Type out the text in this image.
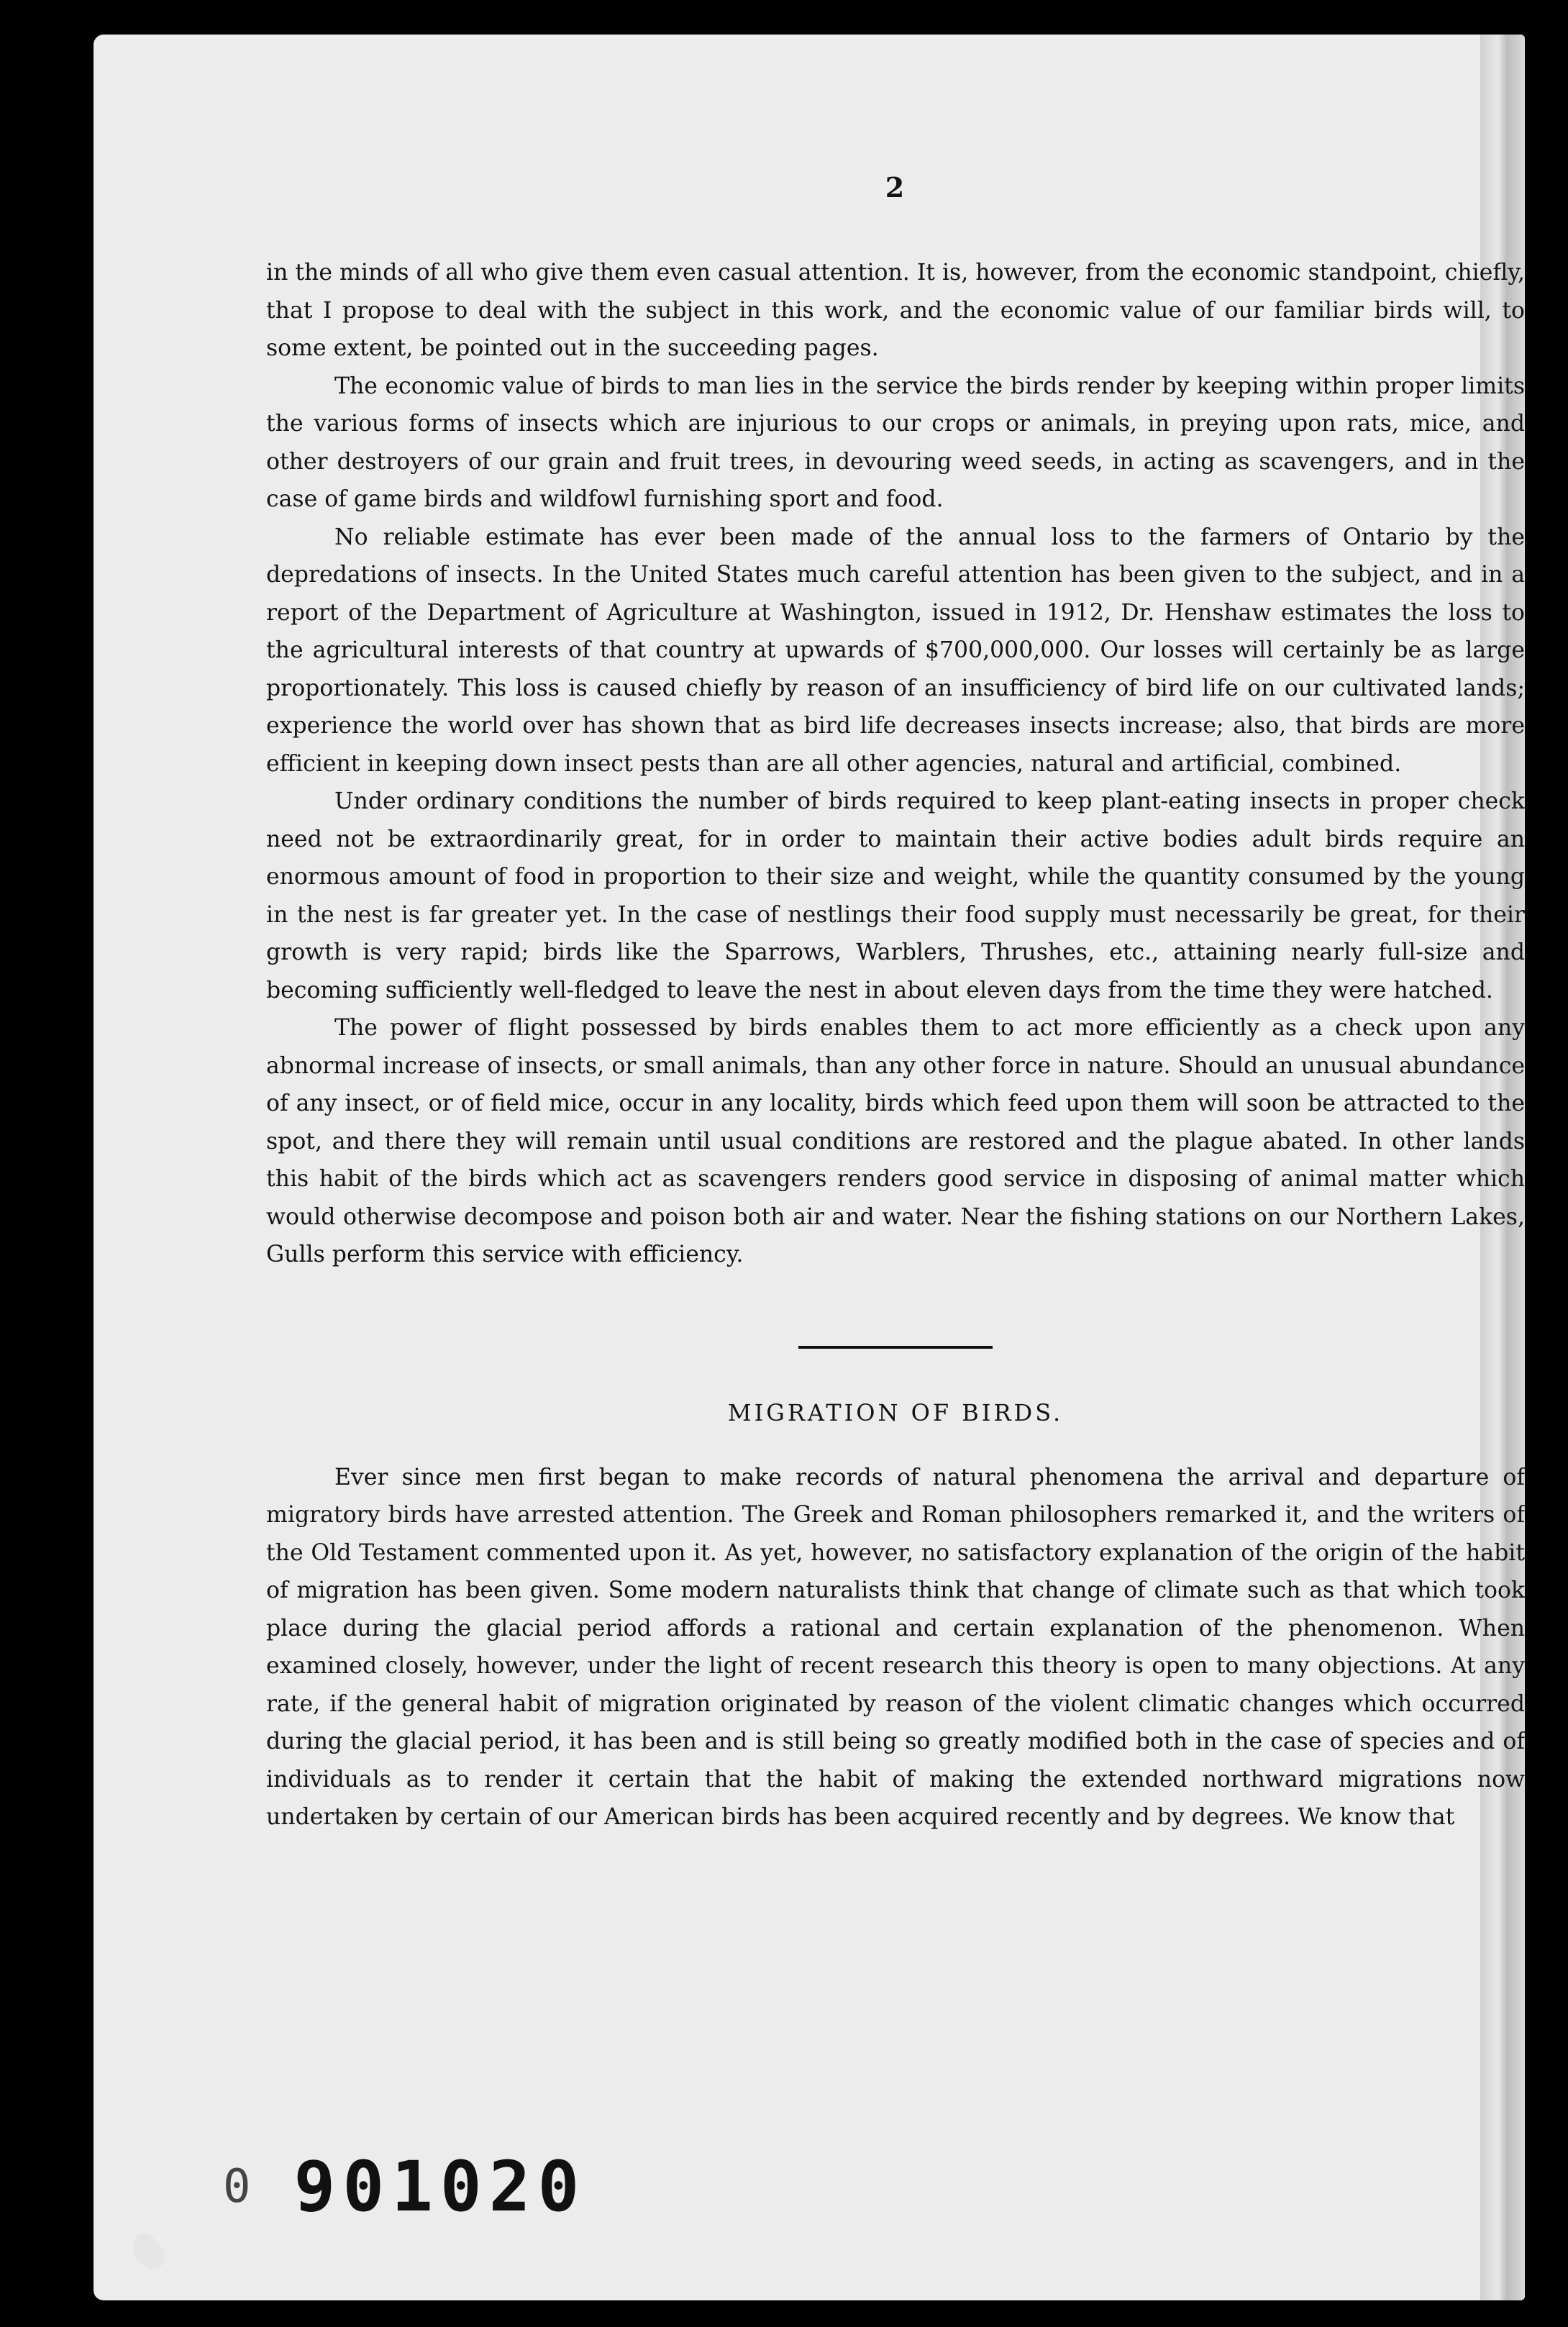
2

in the minds of all who give them even casual attention. It is, however, from the economic standpoint, chiefly, that I propose to deal with the subject in this work, and the economic value of our familiar birds will, to some extent, be pointed out in the succeeding pages.

The economic value of birds to man lies in the service the birds render by keeping within proper limits the various forms of insects which are injurious to our crops or animals, in preying upon rats, mice, and other destroyers of our grain and fruit trees, in devouring weed seeds, in acting as scavengers, and in the case of game birds and wildfowl furnishing sport and food.

No reliable estimate has ever been made of the annual loss to the farmers of Ontario by the depredations of insects. In the United States much careful attention has been given to the subject, and in a report of the Department of Agriculture at Washington, issued in 1912, Dr. Henshaw estimates the loss to the agricultural interests of that country at upwards of $700,000,000. Our losses will certainly be as large proportionately. This loss is caused chiefly by reason of an insufficiency of bird life on our cultivated lands; experience the world over has shown that as bird life decreases insects increase; also, that birds are more efficient in keeping down insect pests than are all other agencies, natural and artificial, combined.

Under ordinary conditions the number of birds required to keep plant-eating insects in proper check need not be extraordinarily great, for in order to maintain their active bodies adult birds require an enormous amount of food in proportion to their size and weight, while the quantity consumed by the young in the nest is far greater yet. In the case of nestlings their food supply must necessarily be great, for their growth is very rapid; birds like the Sparrows, Warblers, Thrushes, etc., attaining nearly full-size and becoming sufficiently well-fledged to leave the nest in about eleven days from the time they were hatched.

The power of flight possessed by birds enables them to act more efficiently as a check upon any abnormal increase of insects, or small animals, than any other force in nature. Should an unusual abundance of any insect, or of field mice, occur in any locality, birds which feed upon them will soon be attracted to the spot, and there they will remain until usual conditions are restored and the plague abated. In other lands this habit of the birds which act as scavengers renders good service in disposing of animal matter which would otherwise decompose and poison both air and water. Near the fishing stations on our Northern Lakes, Gulls perform this service with efficiency.

MIGRATION OF BIRDS.

Ever since men first began to make records of natural phenomena the arrival and departure of migratory birds have arrested attention. The Greek and Roman philosophers remarked it, and the writers of the Old Testament commented upon it. As yet, however, no satisfactory explanation of the origin of the habit of migration has been given. Some modern naturalists think that change of climate such as that which took place during the glacial period affords a rational and certain explanation of the phenomenon. When examined closely, however, under the light of recent research this theory is open to many objections. At any rate, if the general habit of migration originated by reason of the violent climatic changes which occurred during the glacial period, it has been and is still being so greatly modified both in the case of species and of individuals as to render it certain that the habit of making the extended northward migrations now undertaken by certain of our American birds has been acquired recently and by degrees. We know that

0 901020
